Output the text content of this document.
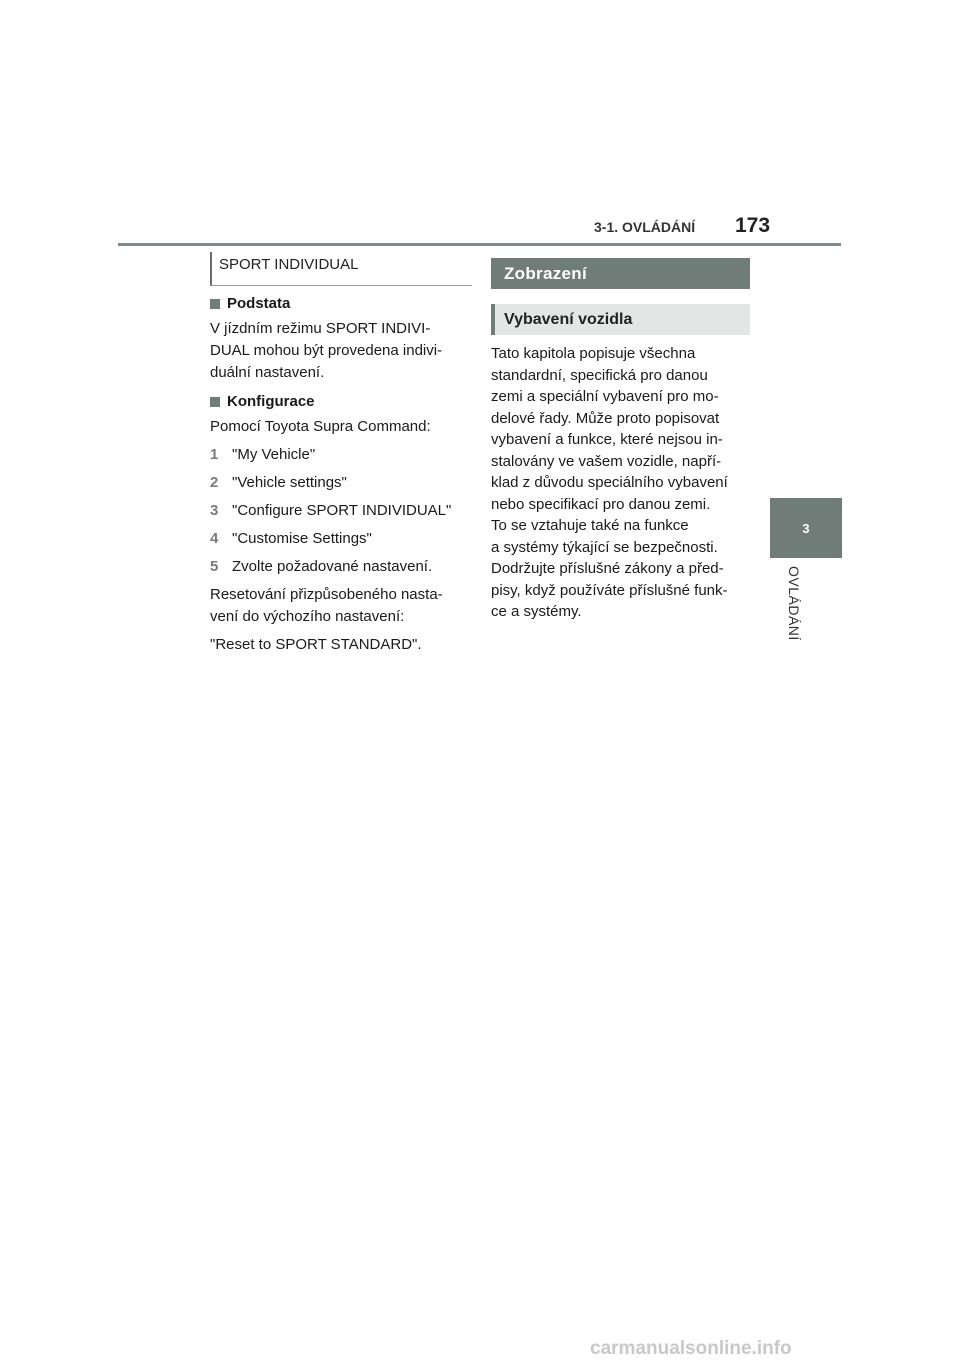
3-1. OVLÁDÁNÍ 173
3
OVLÁDÁNÍ
SPORT INDIVIDUAL
Podstata
V jízdním režimu SPORT INDIVI-
DUAL mohou být provedena indivi-
duální nastavení.
Konfigurace
Pomocí Toyota Supra Command:
1 "My Vehicle"
2 "Vehicle settings"
3 "Configure SPORT INDIVIDUAL"
4 "Customise Settings"
5 Zvolte požadované nastavení.
Resetování přizpůsobeného nasta-
vení do výchozího nastavení:
"Reset to SPORT STANDARD".
Zobrazení
Vybavení vozidla
Tato kapitola popisuje všechna
standardní, specifická pro danou
zemi a speciální vybavení pro mo-
delové řady. Může proto popisovat
vybavení a funkce, které nejsou in-
stalovány ve vašem vozidle, napří-
klad z důvodu speciálního vybavení
nebo specifikací pro danou zemi.
To se vztahuje také na funkce
a systémy týkající se bezpečnosti.
Dodržujte příslušné zákony a před-
pisy, když používáte příslušné funk-
ce a systémy.
carmanualsonline.info
